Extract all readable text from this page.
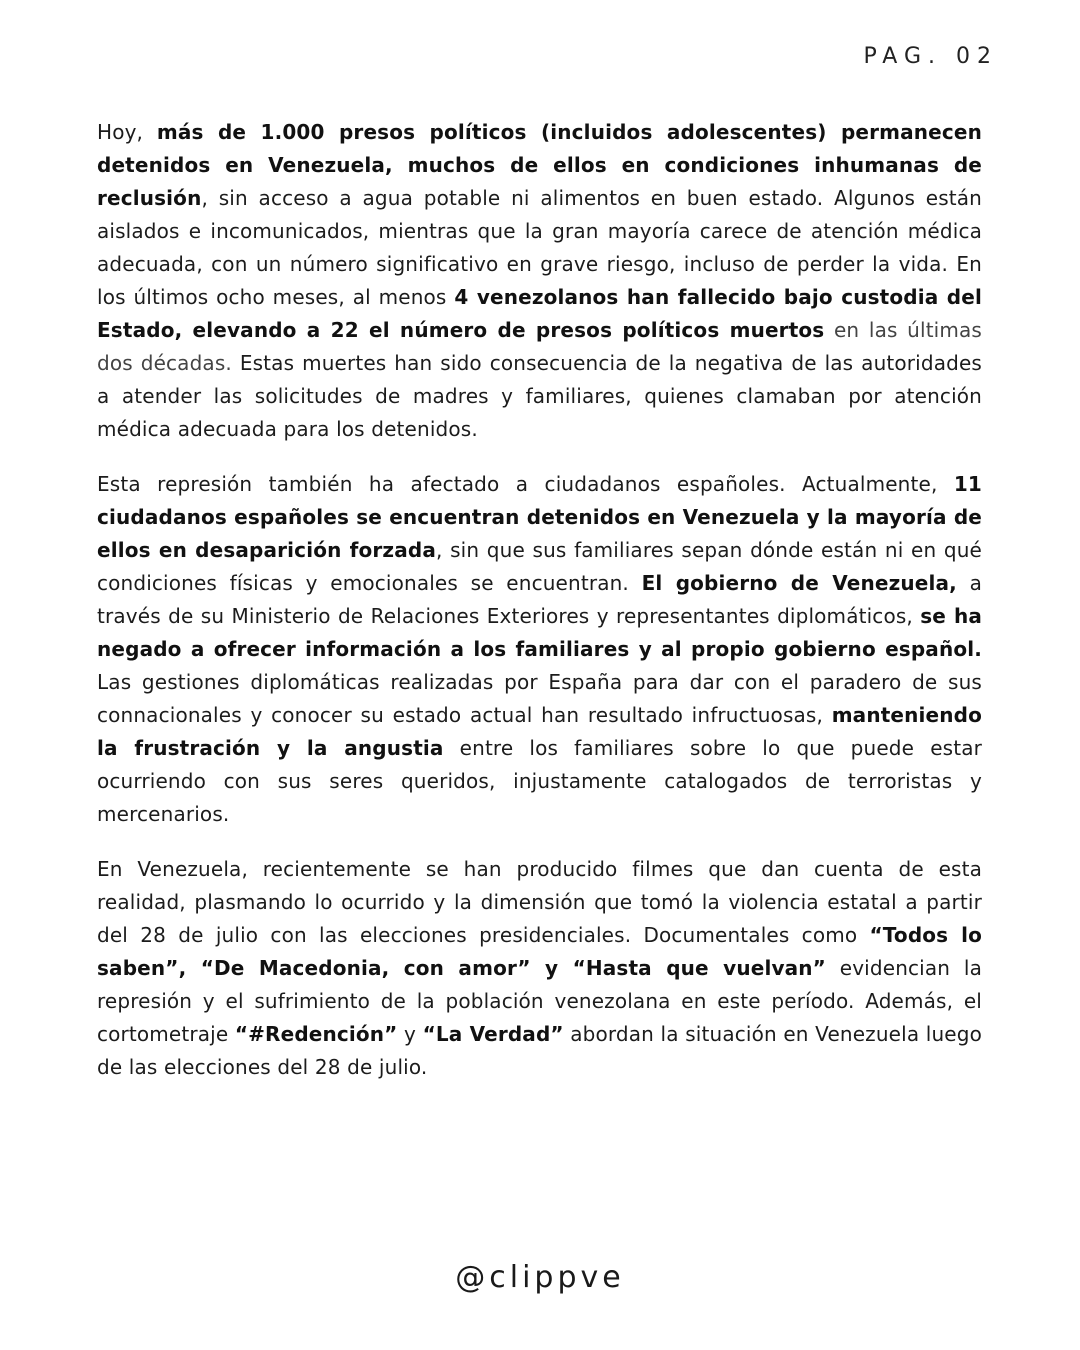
PAG. 02

Hoy, más de 1.000 presos políticos (incluidos adolescentes) permanecen detenidos en Venezuela, muchos de ellos en condiciones inhumanas de reclusión, sin acceso a agua potable ni alimentos en buen estado. Algunos están aislados e incomunicados, mientras que la gran mayoría carece de atención médica adecuada, con un número significativo en grave riesgo, incluso de perder la vida. En los últimos ocho meses, al menos 4 venezolanos han fallecido bajo custodia del Estado, elevando a 22 el número de presos políticos muertos en las últimas dos décadas. Estas muertes han sido consecuencia de la negativa de las autoridades a atender las solicitudes de madres y familiares, quienes clamaban por atención médica adecuada para los detenidos.

Esta represión también ha afectado a ciudadanos españoles. Actualmente, 11 ciudadanos españoles se encuentran detenidos en Venezuela y la mayoría de ellos en desaparición forzada, sin que sus familiares sepan dónde están ni en qué condiciones físicas y emocionales se encuentran. El gobierno de Venezuela, a través de su Ministerio de Relaciones Exteriores y representantes diplomáticos, se ha negado a ofrecer información a los familiares y al propio gobierno español. Las gestiones diplomáticas realizadas por España para dar con el paradero de sus connacionales y conocer su estado actual han resultado infructuosas, manteniendo la frustración y la angustia entre los familiares sobre lo que puede estar ocurriendo con sus seres queridos, injustamente catalogados de terroristas y mercenarios.

En Venezuela, recientemente se han producido filmes que dan cuenta de esta realidad, plasmando lo ocurrido y la dimensión que tomó la violencia estatal a partir del 28 de julio con las elecciones presidenciales. Documentales como “Todos lo saben”, “De Macedonia, con amor” y “Hasta que vuelvan” evidencian la represión y el sufrimiento de la población venezolana en este período. Además, el cortometraje “#Redención” y “La Verdad” abordan la situación en Venezuela luego de las elecciones del 28 de julio.

@clippve
